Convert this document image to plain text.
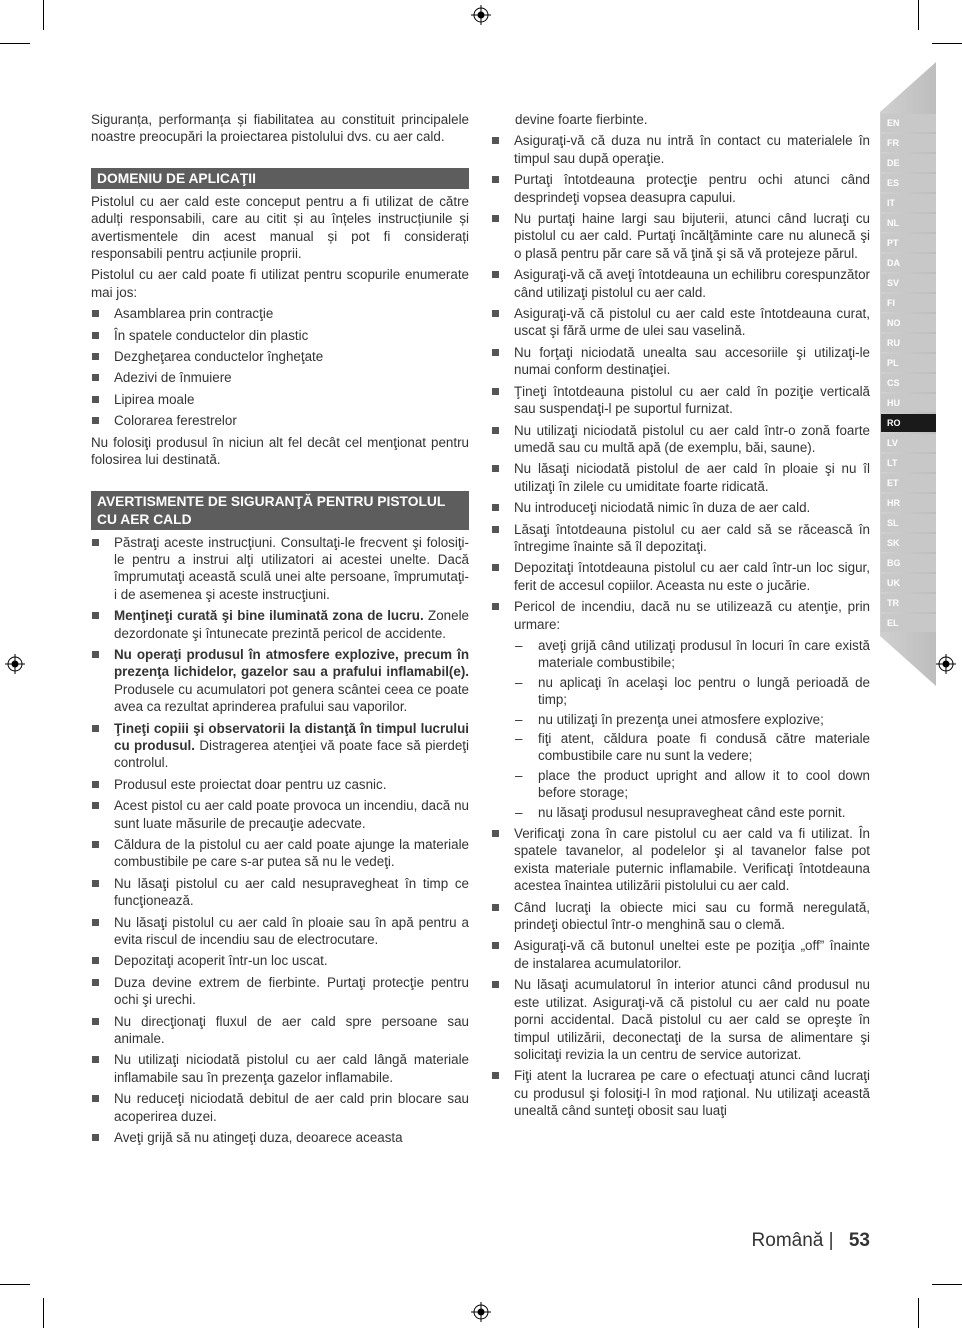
EN
FR
DE
ES
IT
NL
PT
DA
SV
FI
NO
RU
PL
CS
HU
RO
LV
LT
ET
HR
SL
SK
BG
UK
TR
EL

Siguranța, performanța și fiabilitatea au constituit principalele noastre preocupări la proiectarea pistolului dvs. cu aer cald.

DOMENIU DE APLICAŢII

Pistolul cu aer cald este conceput pentru a fi utilizat de către adulți responsabili, care au citit și au înțeles instrucțiunile și avertismentele din acest manual și pot fi considerați responsabili pentru acțiunile proprii.

Pistolul cu aer cald poate fi utilizat pentru scopurile enumerate mai jos:

Asamblarea prin contracţie
În spatele conductelor din plastic
Dezgheţarea conductelor îngheţate
Adezivi de înmuiere
Lipirea moale
Colorarea ferestrelor

Nu folosiţi produsul în niciun alt fel decât cel menţionat pentru folosirea lui destinată.

AVERTISMENTE DE SIGURANŢĂ PENTRU PISTOLUL CU AER CALD
Păstraţi aceste instrucţiuni. Consultaţi-le frecvent şi folosiţi-le pentru a instrui alţi utilizatori ai acestei unelte. Dacă împrumutaţi această sculă unei alte persoane, împrumutaţi-i de asemenea şi aceste instrucţiuni.
Menţineţi curată şi bine iluminată zona de lucru. Zonele dezordonate şi întunecate prezintă pericol de accidente.
Nu operaţi produsul în atmosfere explozive, precum în prezenţa lichidelor, gazelor sau a prafului inflamabil(e). Produsele cu acumulatori pot genera scântei ceea ce poate avea ca rezultat aprinderea prafului sau vaporilor.
Ţineţi copiii şi observatorii la distanţă în timpul lucrului cu produsul. Distragerea atenţiei vă poate face să pierdeţi controlul.
Produsul este proiectat doar pentru uz casnic.
Acest pistol cu aer cald poate provoca un incendiu, dacă nu sunt luate măsurile de precauţie adecvate.
Căldura de la pistolul cu aer cald poate ajunge la materiale combustibile pe care s-ar putea să nu le vedeţi.
Nu lăsaţi pistolul cu aer cald nesupravegheat în timp ce funcţionează.
Nu lăsaţi pistolul cu aer cald în ploaie sau în apă pentru a evita riscul de incendiu sau de electrocutare.
Depozitaţi acoperit într-un loc uscat.
Duza devine extrem de fierbinte. Purtaţi protecţie pentru ochi şi urechi.
Nu direcţionaţi fluxul de aer cald spre persoane sau animale.
Nu utilizaţi niciodată pistolul cu aer cald lângă materiale inflamabile sau în prezenţa gazelor inflamabile.
Nu reduceţi niciodată debitul de aer cald prin blocare sau acoperirea duzei.
Aveţi grijă să nu atingeţi duza, deoarece aceasta

devine foarte fierbinte.

Asiguraţi-vă că duza nu intră în contact cu materialele în timpul sau după operaţie.
Purtaţi întotdeauna protecţie pentru ochi atunci când desprindeţi vopsea deasupra capului.
Nu purtaţi haine largi sau bijuterii, atunci când lucraţi cu pistolul cu aer cald. Purtaţi încălţăminte care nu alunecă şi o plasă pentru păr care să vă ţină şi să vă protejeze părul.
Asiguraţi-vă că aveţi întotdeauna un echilibru corespunzător când utilizaţi pistolul cu aer cald.
Asiguraţi-vă că pistolul cu aer cald este întotdeauna curat, uscat şi fără urme de ulei sau vaselină.
Nu forţaţi niciodată unealta sau accesoriile şi utilizaţi-le numai conform destinaţiei.
Ţineţi întotdeauna pistolul cu aer cald în poziţie verticală sau suspendaţi-l pe suportul furnizat.
Nu utilizaţi niciodată pistolul cu aer cald într-o zonă foarte umedă sau cu multă apă (de exemplu, băi, saune).
Nu lăsaţi niciodată pistolul de aer cald în ploaie şi nu îl utilizaţi în zilele cu umiditate foarte ridicată.
Nu introduceţi niciodată nimic în duza de aer cald.
Lăsaţi întotdeauna pistolul cu aer cald să se răcească în întregime înainte să îl depozitaţi.
Depozitaţi întotdeauna pistolul cu aer cald într-un loc sigur, ferit de accesul copiilor. Aceasta nu este o jucărie.
Pericol de incendiu, dacă nu se utilizează cu atenţie, prin urmare:
– aveţi grijă când utilizaţi produsul în locuri în care există materiale combustibile;
– nu aplicaţi în acelaşi loc pentru o lungă perioadă de timp;
– nu utilizaţi în prezenţa unei atmosfere explozive;
– fiţi atent, căldura poate fi condusă către materiale combustibile care nu sunt la vedere;
– place the product upright and allow it to cool down before storage;
– nu lăsaţi produsul nesupravegheat când este pornit.
Verificaţi zona în care pistolul cu aer cald va fi utilizat. În spatele tavanelor, al podelelor şi al tavanelor false pot exista materiale puternic inflamabile. Verificaţi întotdeauna acestea înaintea utilizării pistolului cu aer cald.
Când lucraţi la obiecte mici sau cu formă neregulată, prindeţi obiectul într-o menghină sau o clemă.
Asiguraţi-vă că butonul uneltei este pe poziţia „off” înainte de instalarea acumulatorilor.
Nu lăsaţi acumulatorul în interior atunci când produsul nu este utilizat. Asiguraţi-vă că pistolul cu aer cald nu poate porni accidental. Dacă pistolul cu aer cald se opreşte în timpul utilizării, deconectaţi de la sursa de alimentare şi solicitaţi revizia la un centru de service autorizat.
Fiţi atent la lucrarea pe care o efectuaţi atunci când lucraţi cu produsul şi folosiţi-l în mod raţional. Nu utilizaţi această unealtă când sunteţi obosit sau luaţi
Română | 53
